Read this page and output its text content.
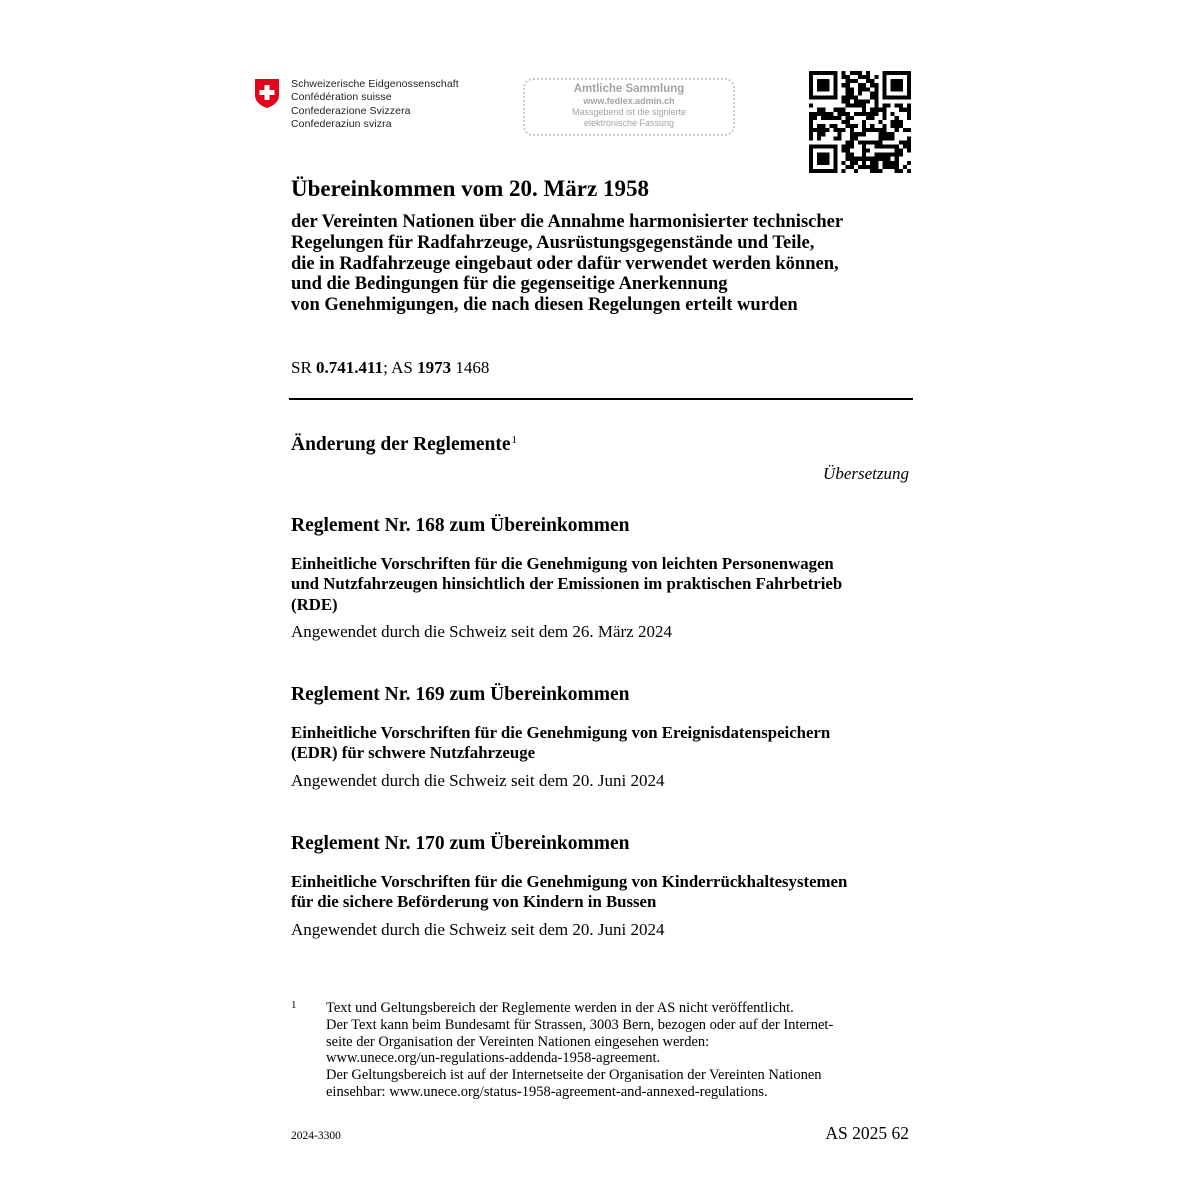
Schweizerische Eidgenossenschaft
Confédération suisse
Confederazione Svizzera
Confederaziun svizra
Amtliche Sammlung
www.fedlex.admin.ch
Massgebend ist die signierte
elektronische Fassung
Übereinkommen vom 20. März 1958
der Vereinten Nationen über die Annahme harmonisierter technischer
Regelungen für Radfahrzeuge, Ausrüstungsgegenstände und Teile,
die in Radfahrzeuge eingebaut oder dafür verwendet werden können,
und die Bedingungen für die gegenseitige Anerkennung
von Genehmigungen, die nach diesen Regelungen erteilt wurden
SR 0.741.411; AS 1973 1468
Änderung der Reglemente$^1$
Übersetzung
Reglement Nr. 168 zum Übereinkommen
Einheitliche Vorschriften für die Genehmigung von leichten Personenwagen
und Nutzfahrzeugen hinsichtlich der Emissionen im praktischen Fahrbetrieb
(RDE)
Angewendet durch die Schweiz seit dem 26. März 2024
Reglement Nr. 169 zum Übereinkommen
Einheitliche Vorschriften für die Genehmigung von Ereignisdatenspeichern
(EDR) für schwere Nutzfahrzeuge
Angewendet durch die Schweiz seit dem 20. Juni 2024
Reglement Nr. 170 zum Übereinkommen
Einheitliche Vorschriften für die Genehmigung von Kinderrückhaltesystemen
für die sichere Beförderung von Kindern in Bussen
Angewendet durch die Schweiz seit dem 20. Juni 2024
1 Text und Geltungsbereich der Reglemente werden in der AS nicht veröffentlicht.
Der Text kann beim Bundesamt für Strassen, 3003 Bern, bezogen oder auf der Internet-
seite der Organisation der Vereinten Nationen eingesehen werden:
www.unece.org/un-regulations-addenda-1958-agreement.
Der Geltungsbereich ist auf der Internetseite der Organisation der Vereinten Nationen
einsehbar: www.unece.org/status-1958-agreement-and-annexed-regulations.
2024-3300	AS 2025 62
